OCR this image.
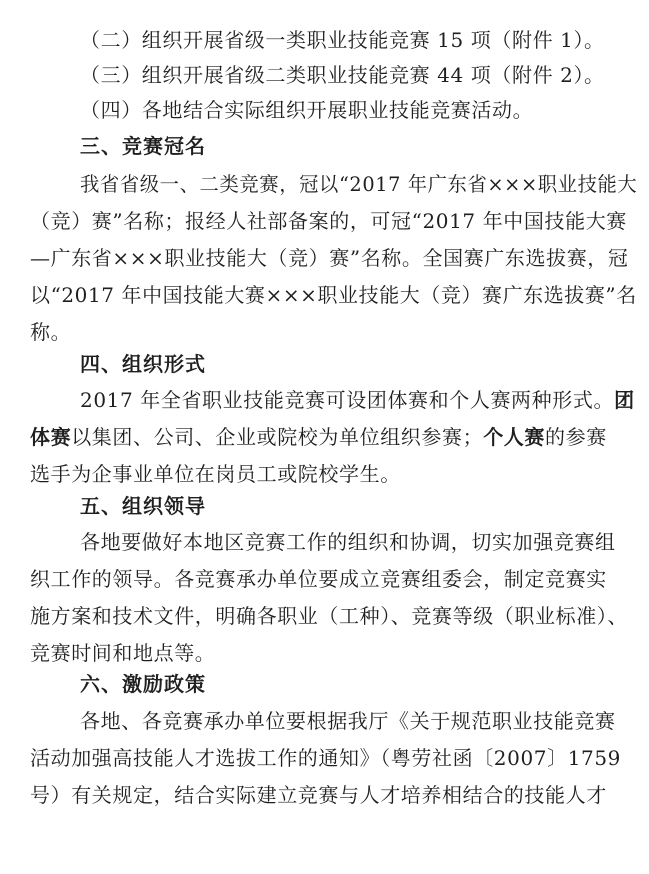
（二）组织开展省级一类职业技能竞赛 15 项（附件 1）。
（三）组织开展省级二类职业技能竞赛 44 项（附件 2）。
（四）各地结合实际组织开展职业技能竞赛活动。
三、竞赛冠名
我省省级一、二类竞赛，冠以“2017 年广东省×××职业技能大
（竞）赛”名称；报经人社部备案的，可冠“2017 年中国技能大赛
—广东省×××职业技能大（竞）赛”名称。全国赛广东选拔赛，冠
以“2017 年中国技能大赛×××职业技能大（竞）赛广东选拔赛”名
称。
四、组织形式
2017 年全省职业技能竞赛可设团体赛和个人赛两种形式。团
体赛以集团、公司、企业或院校为单位组织参赛；个人赛的参赛
选手为企事业单位在岗员工或院校学生。
五、组织领导
各地要做好本地区竞赛工作的组织和协调，切实加强竞赛组
织工作的领导。各竞赛承办单位要成立竞赛组委会，制定竞赛实
施方案和技术文件，明确各职业（工种）、竞赛等级（职业标准）、
竞赛时间和地点等。
六、激励政策
各地、各竞赛承办单位要根据我厅《关于规范职业技能竞赛
活动加强高技能人才选拔工作的通知》（粤劳社函〔2007〕1759
号）有关规定，结合实际建立竞赛与人才培养相结合的技能人才
